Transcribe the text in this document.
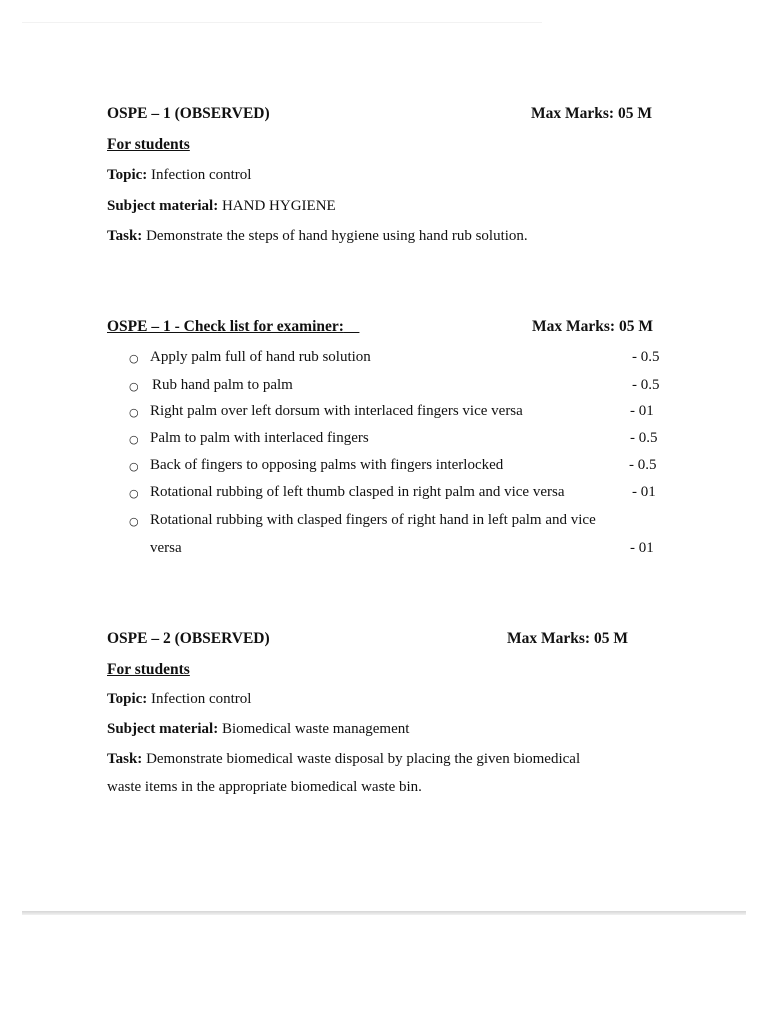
OSPE – 1 (OBSERVED)	Max Marks: 05 M
For students
Topic: Infection control
Subject material: HAND HYGIENE
Task: Demonstrate the steps of hand hygiene using hand rub solution.
OSPE – 1 - Check list for examiner:	Max Marks: 05 M
○ Apply palm full of hand rub solution	- 0.5
○ Rub hand palm to palm	- 0.5
○ Right palm over left dorsum with interlaced fingers vice versa	- 01
○ Palm to palm with interlaced fingers	- 0.5
○ Back of fingers to opposing palms with fingers interlocked	- 0.5
○ Rotational rubbing of left thumb clasped in right palm and vice versa	- 01
○ Rotational rubbing with clasped fingers of right hand in left palm and vice
versa	- 01
OSPE – 2 (OBSERVED)	Max Marks: 05 M
For students
Topic: Infection control
Subject material: Biomedical waste management
Task: Demonstrate biomedical waste disposal by placing the given biomedical
waste items in the appropriate biomedical waste bin.
